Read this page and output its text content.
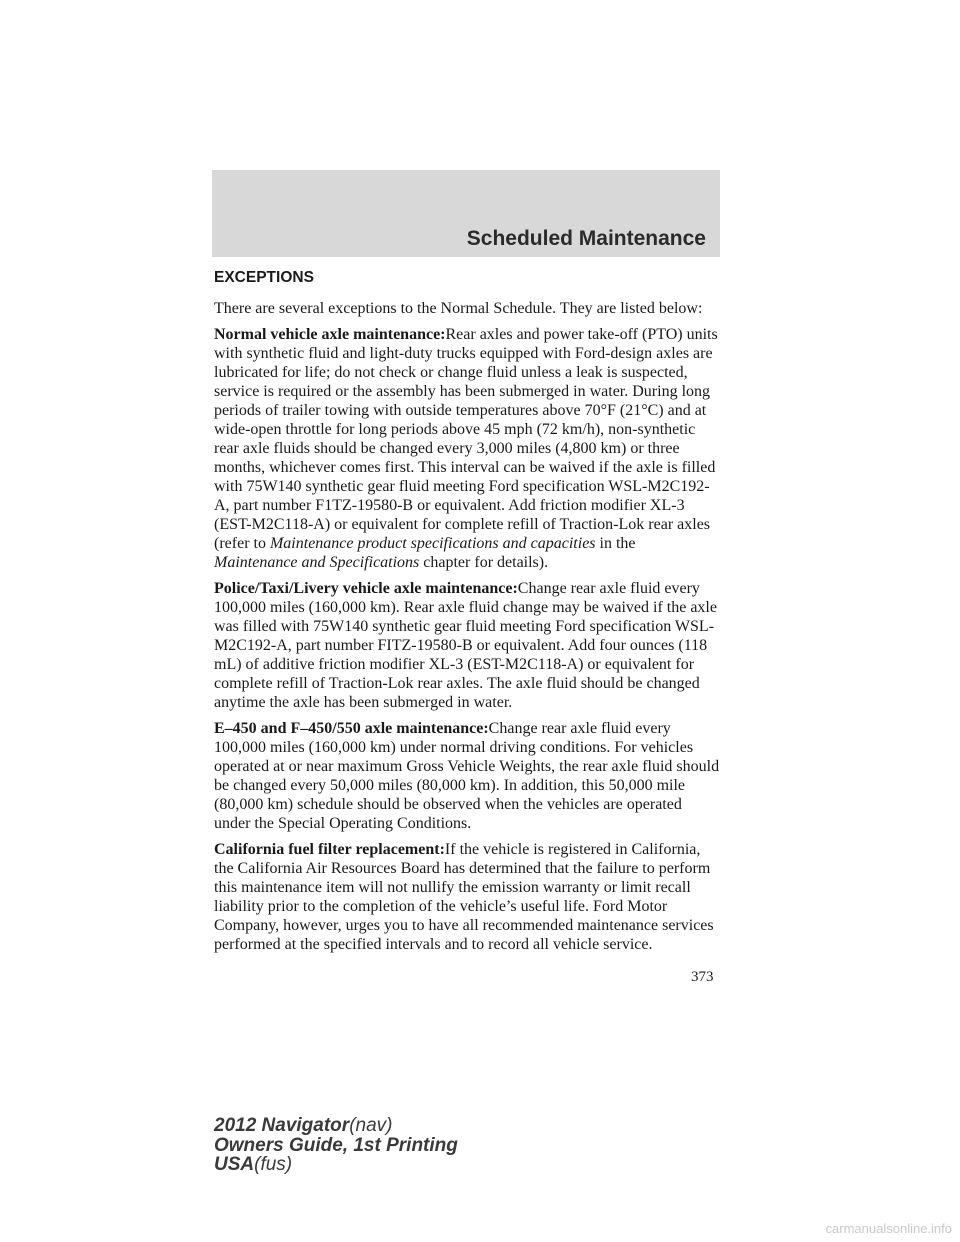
Scheduled Maintenance
EXCEPTIONS

There are several exceptions to the Normal Schedule. They are listed below:

Normal vehicle axle maintenance:Rear axles and power take-off (PTO) units with synthetic fluid and light-duty trucks equipped with Ford-design axles are lubricated for life; do not check or change fluid unless a leak is suspected, service is required or the assembly has been submerged in water. During long periods of trailer towing with outside temperatures above 70°F (21°C) and at wide-open throttle for long periods above 45 mph (72 km/h), non-synthetic rear axle fluids should be changed every 3,000 miles (4,800 km) or three months, whichever comes first. This interval can be waived if the axle is filled with 75W140 synthetic gear fluid meeting Ford specification WSL-M2C192-A, part number F1TZ-19580-B or equivalent. Add friction modifier XL-3 (EST-M2C118-A) or equivalent for complete refill of Traction-Lok rear axles (refer to Maintenance product specifications and capacities in the Maintenance and Specifications chapter for details).

Police/Taxi/Livery vehicle axle maintenance:Change rear axle fluid every 100,000 miles (160,000 km). Rear axle fluid change may be waived if the axle was filled with 75W140 synthetic gear fluid meeting Ford specification WSL-M2C192-A, part number FITZ-19580-B or equivalent. Add four ounces (118 mL) of additive friction modifier XL-3 (EST-M2C118-A) or equivalent for complete refill of Traction-Lok rear axles. The axle fluid should be changed anytime the axle has been submerged in water.

E–450 and F–450/550 axle maintenance:Change rear axle fluid every 100,000 miles (160,000 km) under normal driving conditions. For vehicles operated at or near maximum Gross Vehicle Weights, the rear axle fluid should be changed every 50,000 miles (80,000 km). In addition, this 50,000 mile (80,000 km) schedule should be observed when the vehicles are operated under the Special Operating Conditions.

California fuel filter replacement:If the vehicle is registered in California, the California Air Resources Board has determined that the failure to perform this maintenance item will not nullify the emission warranty or limit recall liability prior to the completion of the vehicle’s useful life. Ford Motor Company, however, urges you to have all recommended maintenance services performed at the specified intervals and to record all vehicle service.

373
2012 Navigator(nav)
Owners Guide, 1st Printing
USA(fus)
carmanualsonline.info
